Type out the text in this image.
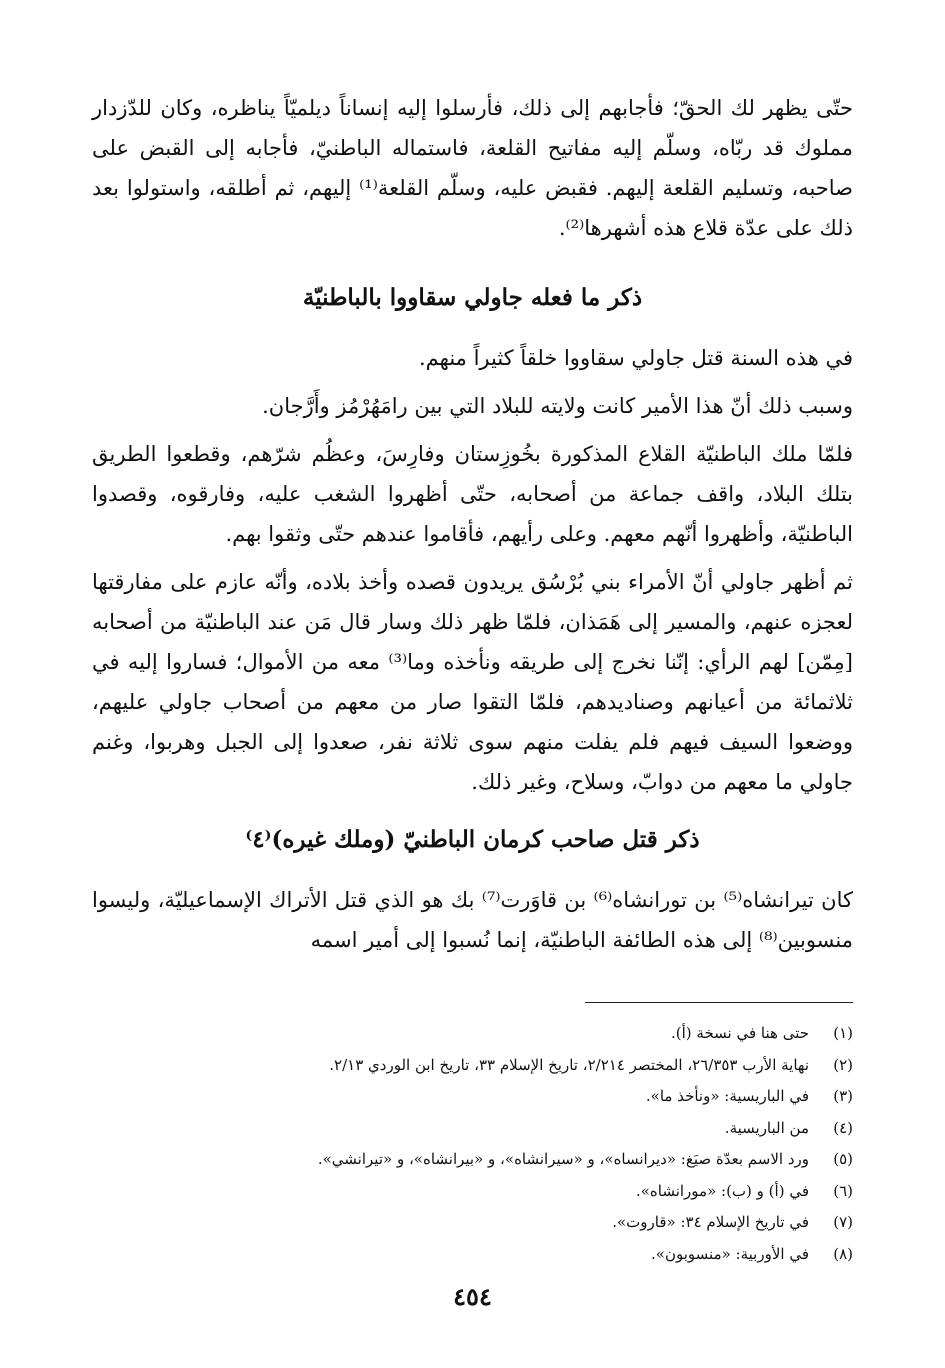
حتّى يظهر لك الحقّ؛ فأجابهم إلى ذلك، فأرسلوا إليه إنساناً ديلميّاً يناظره، وكان للدّزدار مملوك قد ربّاه، وسلّم إليه مفاتيح القلعة، فاستماله الباطنيّ، فأجابه إلى القبض على صاحبه، وتسليم القلعة إليهم. فقبض عليه، وسلّم القلعة⁽¹⁾ إليهم، ثم أطلقه، واستولوا بعد ذلك على عدّة قلاع هذه أشهرها⁽²⁾.

ذكر ما فعله جاولي سقاووا بالباطنيّة

في هذه السنة قتل جاولي سقاووا خلقاً كثيراً منهم.

وسبب ذلك أنّ هذا الأمير كانت ولايته للبلاد التي بين رامَهُرْمُز وأَرَّجان.

فلمّا ملك الباطنيّة القلاع المذكورة بخُوزِستان وفارِسَ، وعظُم شرّهم، وقطعوا الطريق بتلك البلاد، واقف جماعة من أصحابه، حتّى أظهروا الشغب عليه، وفارقوه، وقصدوا الباطنيّة، وأظهروا أنّهم معهم. وعلى رأيهم، فأقاموا عندهم حتّى وثقوا بهم.

ثم أظهر جاولي أنّ الأمراء بني بُرْسُق يريدون قصده وأخذ بلاده، وأنّه عازم على مفارقتها لعجزه عنهم، والمسير إلى هَمَذان، فلمّا ظهر ذلك وسار قال مَن عند الباطنيّة من أصحابه [مِمّن] لهم الرأي: إنّنا نخرج إلى طريقه ونأخذه وما⁽³⁾ معه من الأموال؛ فساروا إليه في ثلاثمائة من أعيانهم وصناديدهم، فلمّا التقوا صار من معهم من أصحاب جاولي عليهم، ووضعوا السيف فيهم فلم يفلت منهم سوى ثلاثة نفر، صعدوا إلى الجبل وهربوا، وغنم جاولي ما معهم من دوابّ، وسلاح، وغير ذلك.

ذكر قتل صاحب كرمان الباطنيّ (وملك غيره)⁽٤⁾

كان تيرانشاه⁽⁵⁾ بن تورانشاه⁽⁶⁾ بن قاوَرت⁽⁷⁾ بك هو الذي قتل الأتراك الإسماعيليّة، وليسوا منسوبين⁽⁸⁾ إلى هذه الطائفة الباطنيّة، إنما نُسبوا إلى أمير اسمه

(١)
حتى هنا في نسخة (أ).
(٢)
نهاية الأرب ٢٦/٣٥٣، المختصر ٢/٢١٤، تاريخ الإسلام ٣٣، تاريخ ابن الوردي ٢/١٣.
(٣)
في الباريسية: «ونأخذ ما».
(٤)
من الباريسية.
(٥)
ورد الاسم بعدّة صيَغ: «ديرانساه»، و «سيرانشاه»، و «بيرانشاه»، و «تيرانشي».
(٦)
في (أ) و (ب): «مورانشاه».
(٧)
في تاريخ الإسلام ٣٤: «قاروت».
(٨)
في الأوربية: «منسوبون».
٤٥٤
